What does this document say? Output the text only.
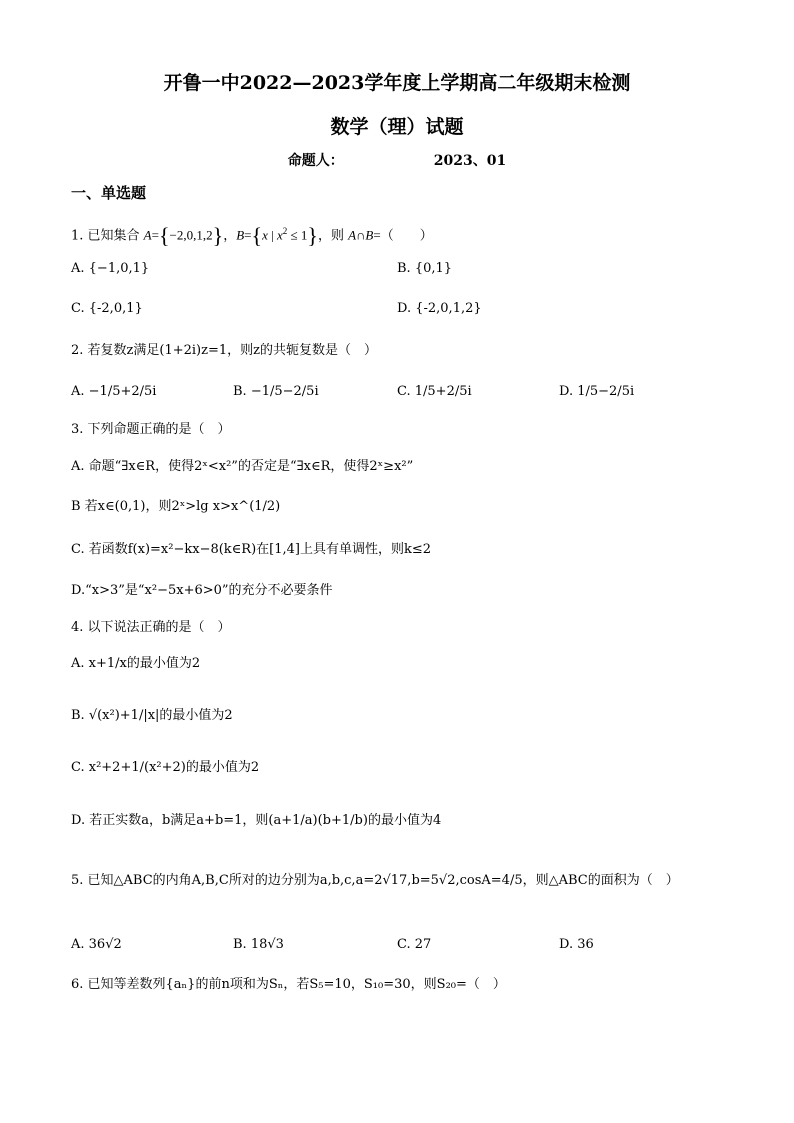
开鲁一中2022—2023学年度上学期高二年级期末检测
数学（理）试题
命题人：	2023、01
一、单选题
1. 已知集合 A={−2,0,1,2}，B={x | $x^2 \le 1$}，则 A∩B=（　　）
A. {−1,0,1}	B. {0,1}
C. {-2,0,1}	D. {-2,0,1,2}
2. 若复数z满足(1+2i)z=1，则z的共轭复数是（　）
A. −1/5+2/5i	B. −1/5−2/5i	C. 1/5+2/5i	D. 1/5−2/5i
3. 下列命题正确的是（　）
A. 命题“∃x∈R，使得2ˣ<x²”的否定是“∃x∈R，使得2ˣ≥x²”
B 若x∈(0,1)，则2ˣ>lg x>x^(1/2)
C. 若函数f(x)=x²−kx−8(k∈R)在[1,4]上具有单调性，则k≤2
D.“x>3”是“x²−5x+6>0”的充分不必要条件
4. 以下说法正确的是（　）
A. x+1/x的最小值为2
B. √(x²)+1/|x|的最小值为2
C. x²+2+1/(x²+2)的最小值为2
D. 若正实数a，b满足a+b=1，则(a+1/a)(b+1/b)的最小值为4
5. 已知△ABC的内角A,B,C所对的边分别为a,b,c,a=2√17,b=5√2,cosA=4/5，则△ABC的面积为（　）
A. 36√2	B. 18√3	C. 27	D. 36
6. 已知等差数列{aₙ}的前n项和为Sₙ，若S₅=10，S₁₀=30，则S₂₀=（　）
